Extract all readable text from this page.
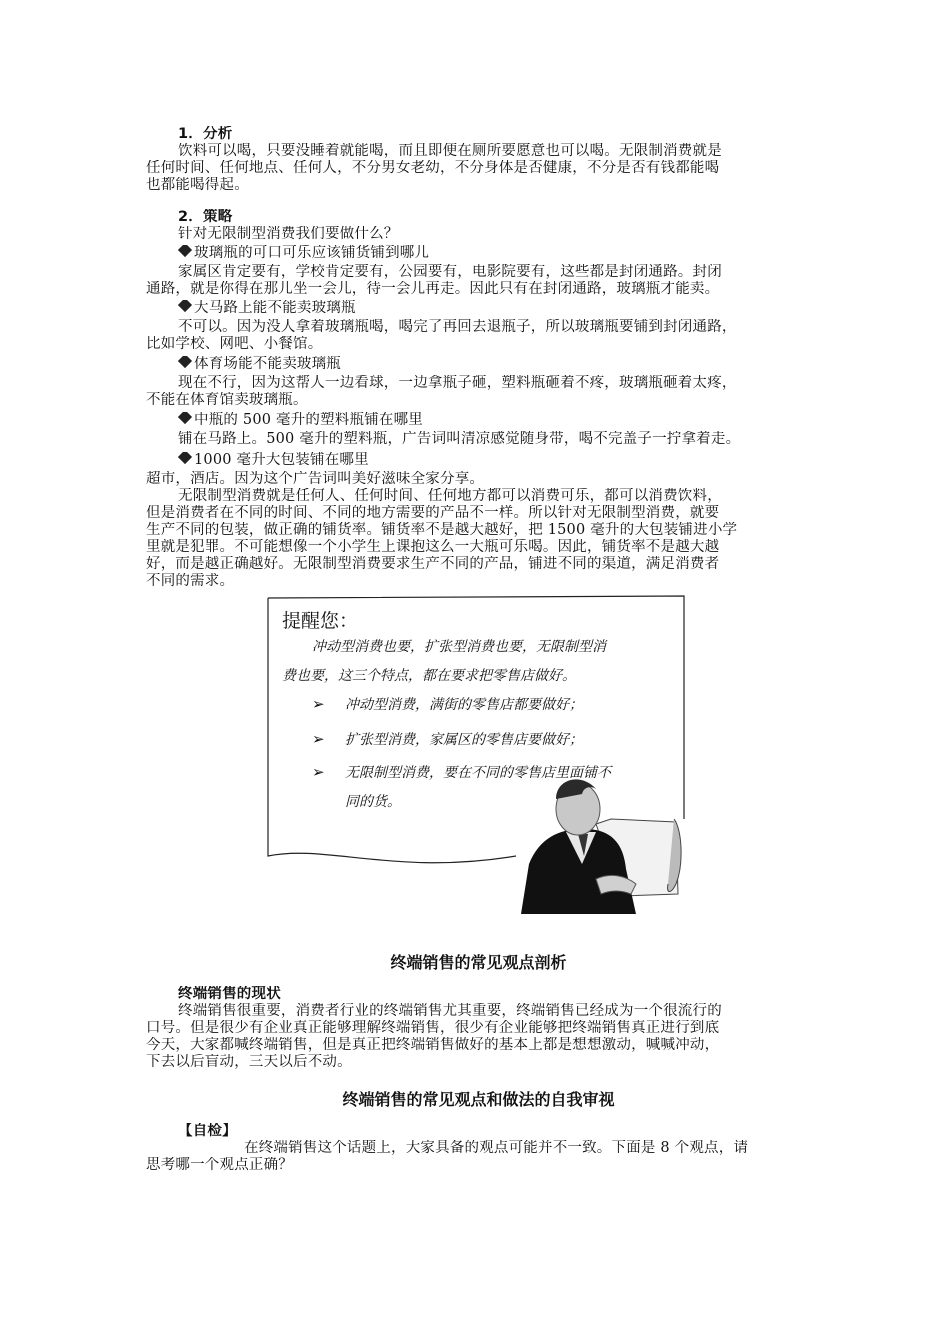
1．分析
饮料可以喝，只要没睡着就能喝，而且即便在厕所要愿意也可以喝。无限制消费就是
任何时间、任何地点、任何人，不分男女老幼，不分身体是否健康，不分是否有钱都能喝
也都能喝得起。
2．策略
针对无限制型消费我们要做什么？
玻璃瓶的可口可乐应该铺货铺到哪儿
家属区肯定要有，学校肯定要有，公园要有，电影院要有，这些都是封闭通路。封闭
通路，就是你得在那儿坐一会儿，待一会儿再走。因此只有在封闭通路，玻璃瓶才能卖。
大马路上能不能卖玻璃瓶
不可以。因为没人拿着玻璃瓶喝，喝完了再回去退瓶子，所以玻璃瓶要铺到封闭通路，
比如学校、网吧、小餐馆。
体育场能不能卖玻璃瓶
现在不行，因为这帮人一边看球，一边拿瓶子砸，塑料瓶砸着不疼，玻璃瓶砸着太疼，
不能在体育馆卖玻璃瓶。
中瓶的 500 毫升的塑料瓶铺在哪里
铺在马路上。500 毫升的塑料瓶，广告词叫清凉感觉随身带，喝不完盖子一拧拿着走。
1000 毫升大包装铺在哪里
超市，酒店。因为这个广告词叫美好滋味全家分享。
无限制型消费就是任何人、任何时间、任何地方都可以消费可乐，都可以消费饮料，
但是消费者在不同的时间、不同的地方需要的产品不一样。所以针对无限制型消费，就要
生产不同的包装，做正确的铺货率。铺货率不是越大越好，把 1500 毫升的大包装铺进小学
里就是犯罪。不可能想像一个小学生上课抱这么一大瓶可乐喝。因此，铺货率不是越大越
好，而是越正确越好。无限制型消费要求生产不同的产品，铺进不同的渠道，满足消费者
不同的需求。
提醒您：
冲动型消费也要，扩张型消费也要，无限制型消
费也要，这三个特点，都在要求把零售店做好。
➢ 冲动型消费，满街的零售店都要做好；
➢ 扩张型消费，家属区的零售店要做好；
➢ 无限制型消费，要在不同的零售店里面铺不
同的货。
终端销售的常见观点剖析
终端销售的现状
终端销售很重要，消费者行业的终端销售尤其重要，终端销售已经成为一个很流行的
口号。但是很少有企业真正能够理解终端销售，很少有企业能够把终端销售真正进行到底
今天，大家都喊终端销售，但是真正把终端销售做好的基本上都是想想激动，喊喊冲动，
下去以后盲动，三天以后不动。
终端销售的常见观点和做法的自我审视
【自检】
在终端销售这个话题上，大家具备的观点可能并不一致。下面是 8 个观点，请
思考哪一个观点正确？
